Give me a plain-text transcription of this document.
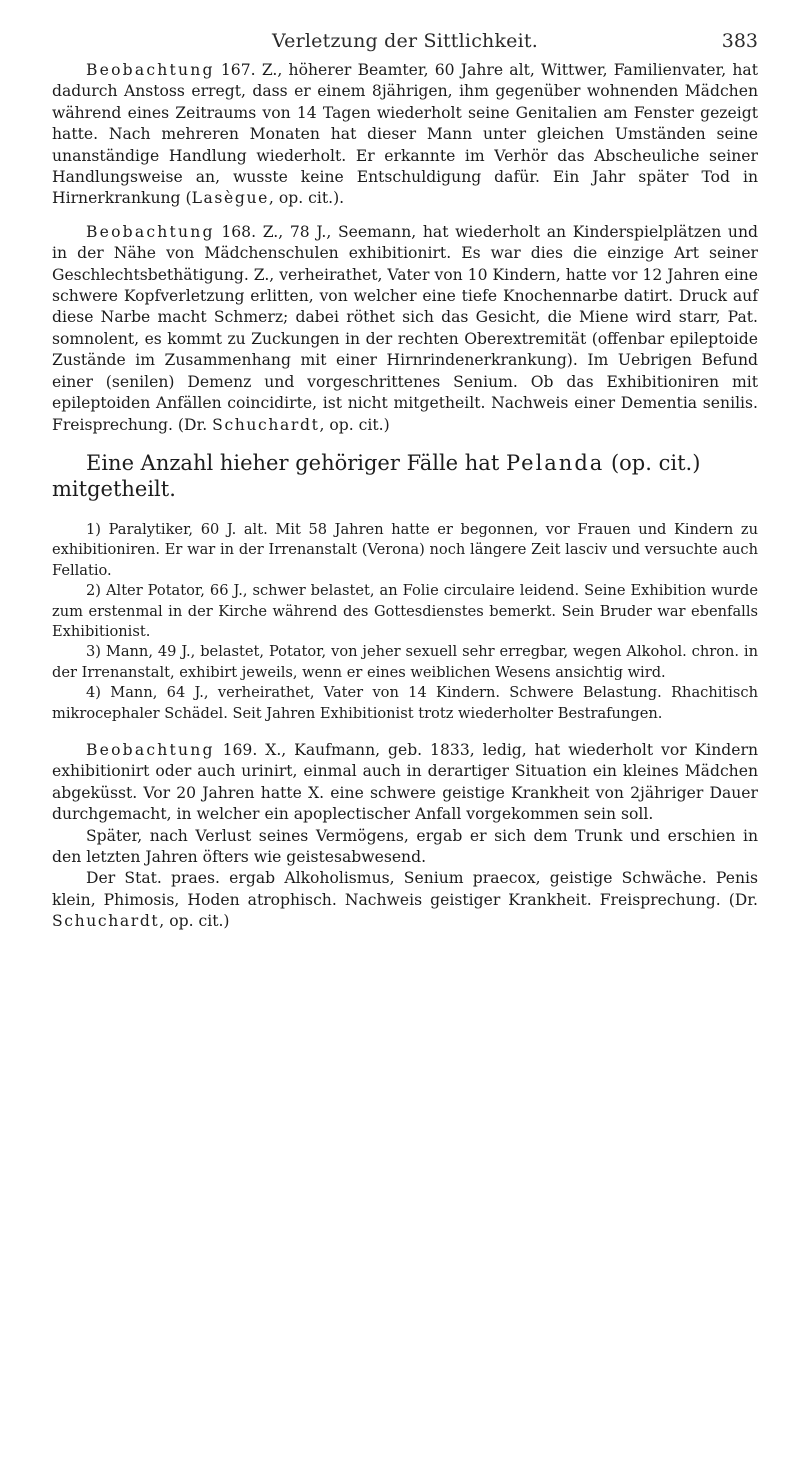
Verletzung der Sittlichkeit.	383

Beobachtung 167. Z., höherer Beamter, 60 Jahre alt, Wittwer, Familienvater, hat dadurch Anstoss erregt, dass er einem 8jährigen, ihm gegenüber wohnenden Mädchen während eines Zeitraums von 14 Tagen wiederholt seine Genitalien am Fenster gezeigt hatte. Nach mehreren Monaten hat dieser Mann unter gleichen Umständen seine unanständige Handlung wiederholt. Er erkannte im Verhör das Abscheuliche seiner Handlungsweise an, wusste keine Entschuldigung dafür. Ein Jahr später Tod in Hirnerkrankung (Lasègue, op. cit.).

Beobachtung 168. Z., 78 J., Seemann, hat wiederholt an Kinderspielplätzen und in der Nähe von Mädchenschulen exhibitionirt. Es war dies die einzige Art seiner Geschlechtsbethätigung. Z., verheirathet, Vater von 10 Kindern, hatte vor 12 Jahren eine schwere Kopfverletzung erlitten, von welcher eine tiefe Knochennarbe datirt. Druck auf diese Narbe macht Schmerz; dabei röthet sich das Gesicht, die Miene wird starr, Pat. somnolent, es kommt zu Zuckungen in der rechten Oberextremität (offenbar epileptoide Zustände im Zusammenhang mit einer Hirnrindenerkrankung). Im Uebrigen Befund einer (senilen) Demenz und vorgeschrittenes Senium. Ob das Exhibitioniren mit epileptoiden Anfällen coincidirte, ist nicht mitgetheilt. Nachweis einer Dementia senilis. Freisprechung. (Dr. Schuchardt, op. cit.)

Eine Anzahl hieher gehöriger Fälle hat Pelanda (op. cit.) mitgetheilt.

1) Paralytiker, 60 J. alt. Mit 58 Jahren hatte er begonnen, vor Frauen und Kindern zu exhibitioniren. Er war in der Irrenanstalt (Verona) noch längere Zeit lasciv und versuchte auch Fellatio.

2) Alter Potator, 66 J., schwer belastet, an Folie circulaire leidend. Seine Exhibition wurde zum erstenmal in der Kirche während des Gottesdienstes bemerkt. Sein Bruder war ebenfalls Exhibitionist.

3) Mann, 49 J., belastet, Potator, von jeher sexuell sehr erregbar, wegen Alkohol. chron. in der Irrenanstalt, exhibirt jeweils, wenn er eines weiblichen Wesens ansichtig wird.

4) Mann, 64 J., verheirathet, Vater von 14 Kindern. Schwere Belastung. Rhachitisch mikrocephaler Schädel. Seit Jahren Exhibitionist trotz wiederholter Bestrafungen.

Beobachtung 169. X., Kaufmann, geb. 1833, ledig, hat wiederholt vor Kindern exhibitionirt oder auch urinirt, einmal auch in derartiger Situation ein kleines Mädchen abgeküsst. Vor 20 Jahren hatte X. eine schwere geistige Krankheit von 2jähriger Dauer durchgemacht, in welcher ein apoplectischer Anfall vorgekommen sein soll.

Später, nach Verlust seines Vermögens, ergab er sich dem Trunk und erschien in den letzten Jahren öfters wie geistesabwesend.

Der Stat. praes. ergab Alkoholismus, Senium praecox, geistige Schwäche. Penis klein, Phimosis, Hoden atrophisch. Nachweis geistiger Krankheit. Freisprechung. (Dr. Schuchardt, op. cit.)
